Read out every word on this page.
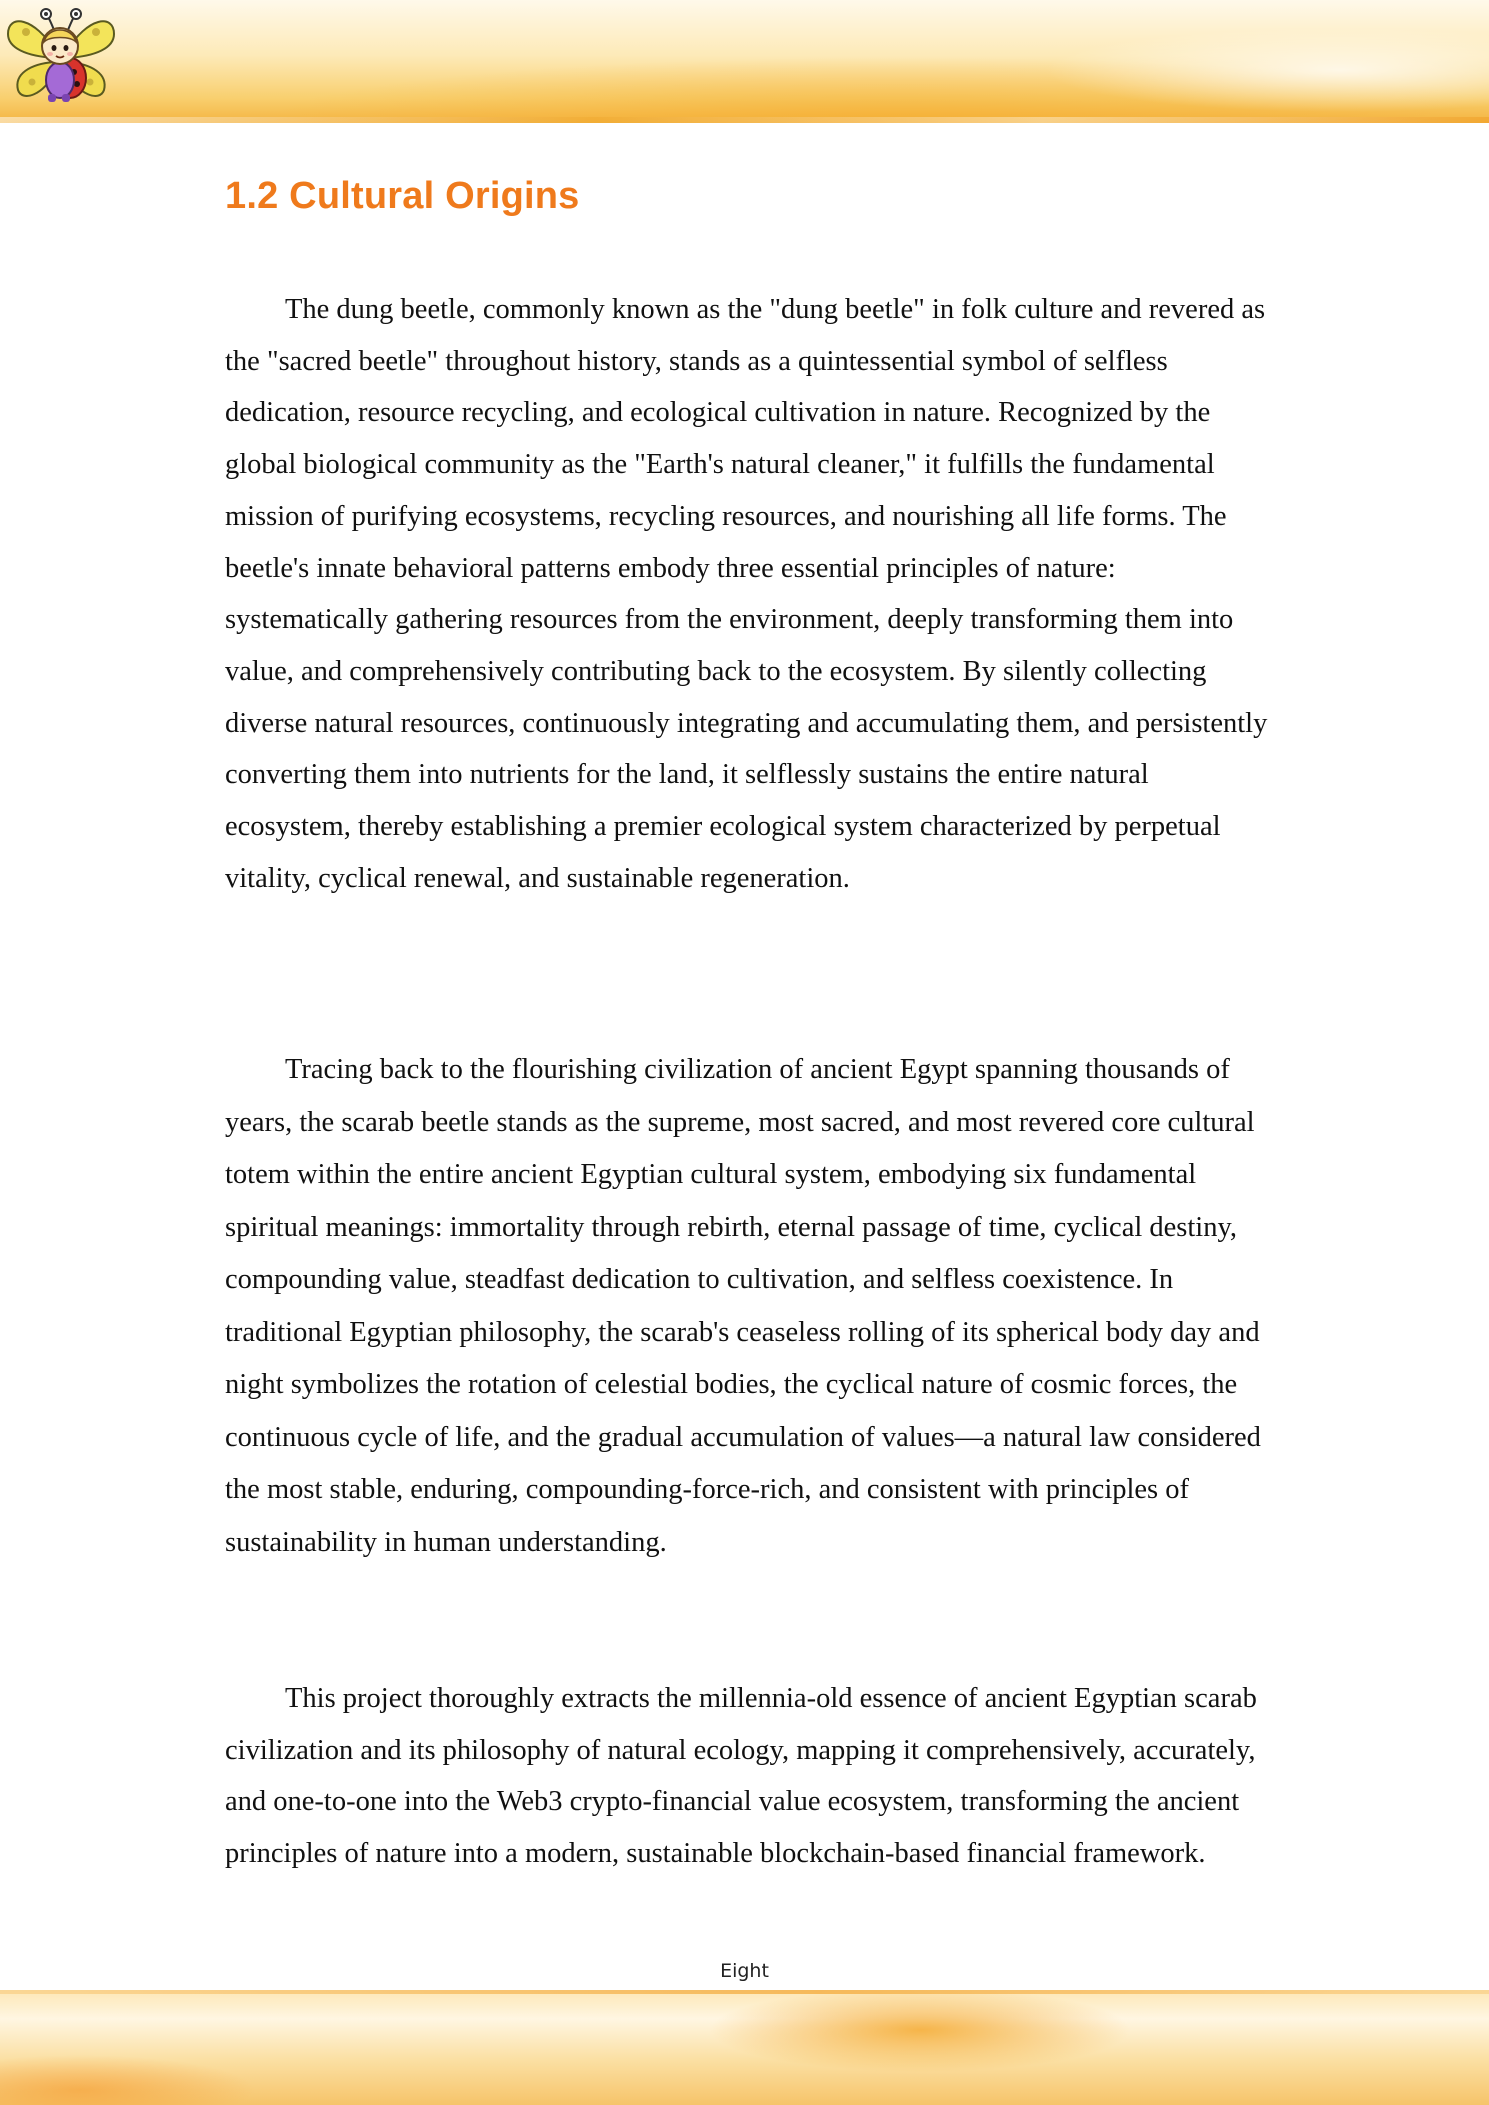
1.2 Cultural Origins

The dung beetle, commonly known as the "dung beetle" in folk culture and revered as the "sacred beetle" throughout history, stands as a quintessential symbol of selfless dedication, resource recycling, and ecological cultivation in nature. Recognized by the global biological community as the "Earth's natural cleaner," it fulfills the fundamental mission of purifying ecosystems, recycling resources, and nourishing all life forms. The beetle's innate behavioral patterns embody three essential principles of nature: systematically gathering resources from the environment, deeply transforming them into value, and comprehensively contributing back to the ecosystem. By silently collecting diverse natural resources, continuously integrating and accumulating them, and persistently converting them into nutrients for the land, it selflessly sustains the entire natural ecosystem, thereby establishing a premier ecological system characterized by perpetual vitality, cyclical renewal, and sustainable regeneration.

Tracing back to the flourishing civilization of ancient Egypt spanning thousands of years, the scarab beetle stands as the supreme, most sacred, and most revered core cultural totem within the entire ancient Egyptian cultural system, embodying six fundamental spiritual meanings: immortality through rebirth, eternal passage of time, cyclical destiny, compounding value, steadfast dedication to cultivation, and selfless coexistence. In traditional Egyptian philosophy, the scarab's ceaseless rolling of its spherical body day and night symbolizes the rotation of celestial bodies, the cyclical nature of cosmic forces, the continuous cycle of life, and the gradual accumulation of values—a natural law considered the most stable, enduring, compounding-force-rich, and consistent with principles of sustainability in human understanding.

This project thoroughly extracts the millennia-old essence of ancient Egyptian scarab civilization and its philosophy of natural ecology, mapping it comprehensively, accurately, and one-to-one into the Web3 crypto-financial value ecosystem, transforming the ancient principles of nature into a modern, sustainable blockchain-based financial framework.

Eight
